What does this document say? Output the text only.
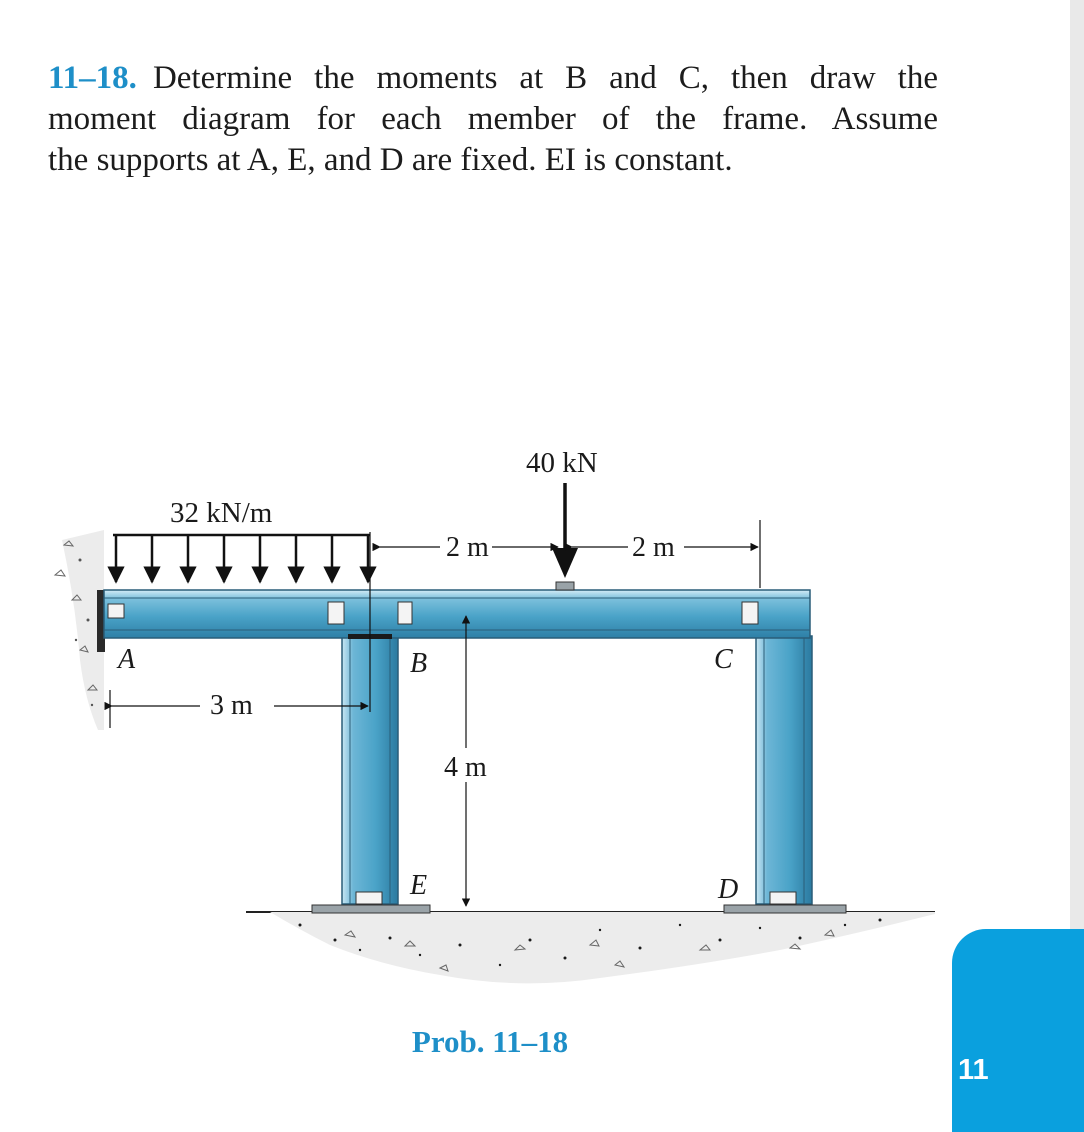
11–18. Determine the moments at B and C, then draw the
moment diagram for each member of the frame. Assume
the supports at A, E, and D are fixed. EI is constant.
32 kN/m
40 kN
2 m	2 m
3 m
4 m
A	B	C
D
E
Prob. 11–18
11
